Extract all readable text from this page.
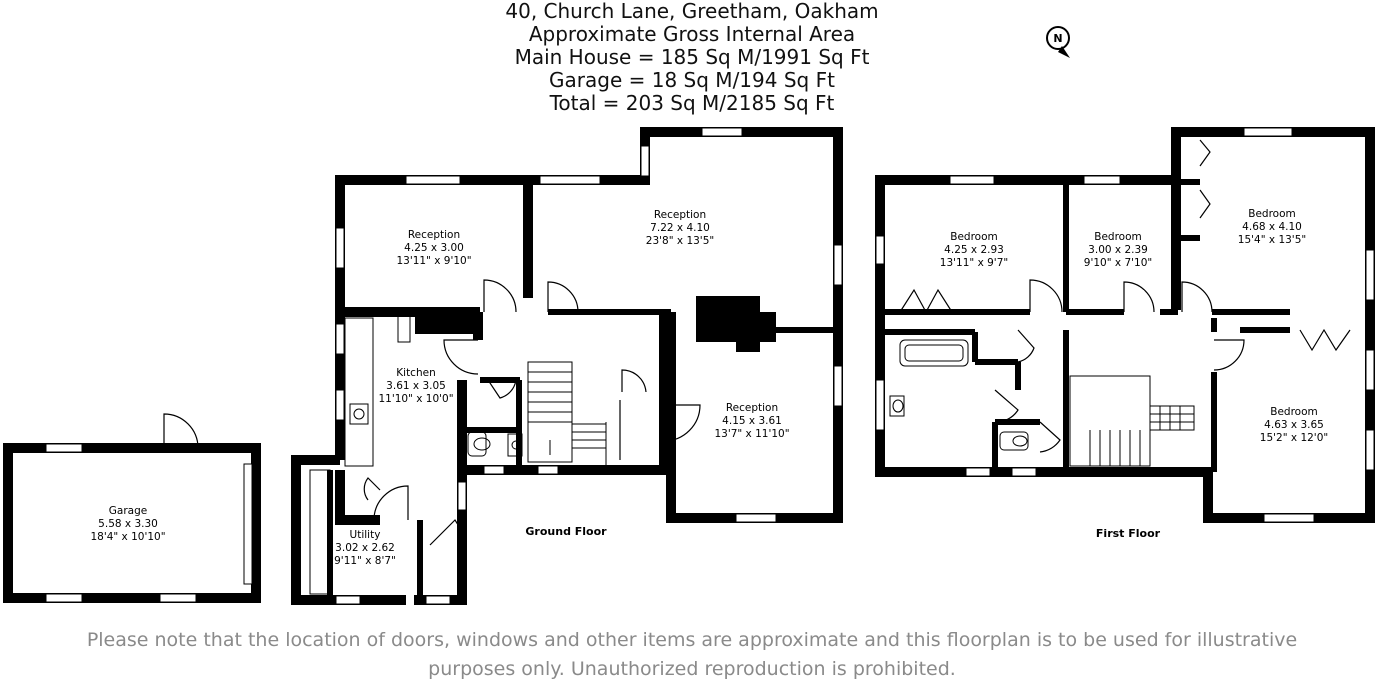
40, Church Lane, Greetham, Oakham
Approximate Gross Internal Area
Main House = 185 Sq M/1991 Sq Ft
Garage = 18 Sq M/194 Sq Ft
Total = 203 Sq M/2185 Sq Ft
N
Garage
5.58 x 3.30
18'4" x 10'10"
Reception
4.25 x 3.00
13'11" x 9'10"
Reception
7.22 x 4.10
23'8" x 13'5"
Kitchen
3.61 x 3.05
11'10" x 10'0"
Reception
4.15 x 3.61
13'7" x 11'10"
Utility
3.02 x 2.62
9'11" x 8'7"
Bedroom
4.25 x 2.93
13'11" x 9'7"
Bedroom
3.00 x 2.39
9'10" x 7'10"
Bedroom
4.68 x 4.10
15'4" x 13'5"
Bedroom
4.63 x 3.65
15'2" x 12'0"
Ground Floor	First Floor
Please note that the location of doors, windows and other items are approximate and this floorplan is to be used for illustrative
purposes only. Unauthorized reproduction is prohibited.
